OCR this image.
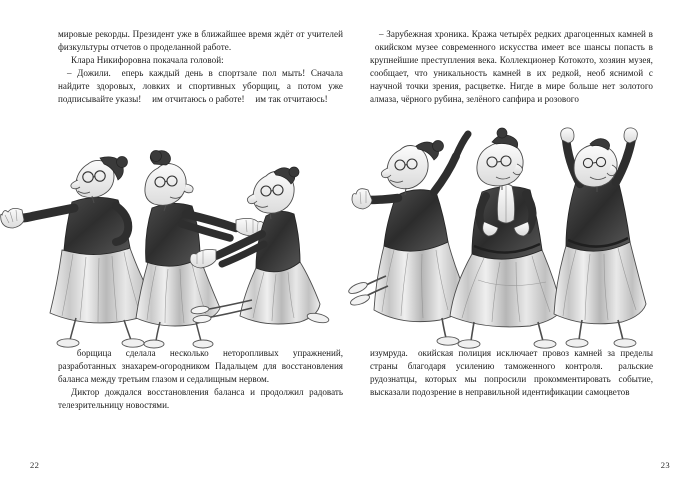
мировые рекорды. Президент уже в ближайшее время ждёт от учителей физкультуры отчетов о проделанной работе.

Клара Никифоровна покачала головой:

– Дожили. Теперь каждый день в спортзале пол мыть! Сначала найдите здоровых, ловких и спортивных уборщиц, а потом уже подписывайте указы! Я им отчитаюсь о работе! Я им так отчитаюсь!

Уборщица сделала несколько неторопливых упражнений, разработанных знахарем-огородником Падальцем для восстановления баланса между третьим глазом и седалищным нервом.

Диктор дождался восстановления баланса и продолжил радовать телезрительницу новостями.

22

– Зарубежная хроника. Кража четырёх редких драгоценных камней в Токийском музее современного искусства имеет все шансы попасть в крупнейшие преступления века. Коллекционер Котокото, хозяин музея, сообщает, что уникальность камней в их редкой, необъяснимой с научной точки зрения, расцветке. Нигде в мире больше нет золотого алмаза, чёрного рубина, зелёного сапфира и розового

изумруда. Токийская полиция исключает провоз камней за пределы страны благодаря усилению таможенного контроля. Уральские рудознатцы, которых мы попросили прокомментировать событие, высказали подозрение в неправильной идентификации самоцветов

23
